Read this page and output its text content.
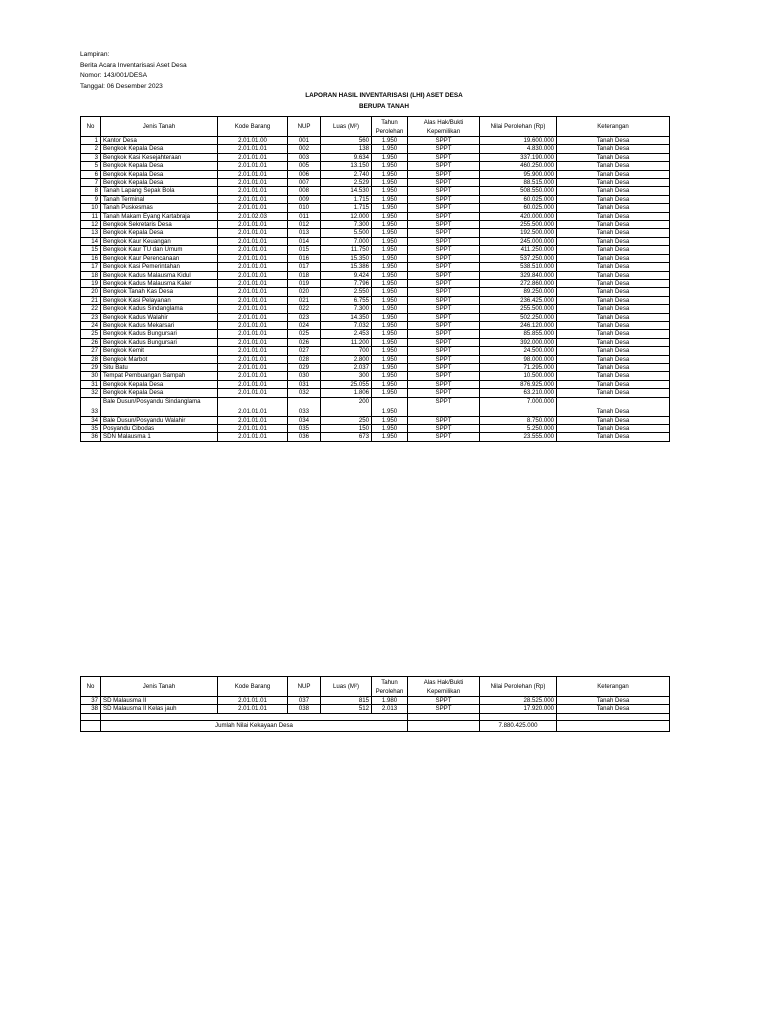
Lampiran:
Berita Acara Inventarisasi Aset Desa
Nomor: 143/001/DESA
Tanggal: 06 Desember 2023
LAPORAN HASIL INVENTARISASI (LHI) ASET DESA
BERUPA TANAH
No	Jenis Tanah	Kode Barang	NUP	Luas (M²)	Tahun Perolehan	Alas Hak/Bukti Kepemilikan	Nilai Perolehan (Rp)	Keterangan
1	Kantor Desa	2.01.01.00	001	560	1.950	SPPT	19.600.000	Tanah Desa
2	Bengkok Kepala Desa	2.01.01.01	002	138	1.950	SPPT	4.830.000	Tanah Desa
3	Bengkok Kasi Kesejahteraan	2.01.01.01	003	9.634	1.950	SPPT	337.190.000	Tanah Desa
5	Bengkok Kepala Desa	2.01.01.01	005	13.150	1.950	SPPT	460.250.000	Tanah Desa
6	Bengkok Kepala Desa	2.01.01.01	006	2.740	1.950	SPPT	95.900.000	Tanah Desa
7	Bengkok Kepala Desa	2.01.01.01	007	2.529	1.950	SPPT	88.515.000	Tanah Desa
8	Tanah Lapang Sepak Bola	2.01.01.01	008	14.530	1.950	SPPT	508.550.000	Tanah Desa
9	Tanah Terminal	2.01.01.01	009	1.715	1.950	SPPT	60.025.000	Tanah Desa
10	Tanah Puskesmas	2.01.01.01	010	1.715	1.950	SPPT	60.025.000	Tanah Desa
11	Tanah Makam Eyang Kartabraja	2.01.02.03	011	12.000	1.950	SPPT	420.000.000	Tanah Desa
12	Bengkok Sekretaris Desa	2.01.01.01	012	7.300	1.950	SPPT	255.500.000	Tanah Desa
13	Bengkok Kepala Desa	2.01.01.01	013	5.500	1.950	SPPT	192.500.000	Tanah Desa
14	Bengkok Kaur Keuangan	2.01.01.01	014	7.000	1.950	SPPT	245.000.000	Tanah Desa
15	Bengkok Kaur TU dan Umum	2.01.01.01	015	11.750	1.950	SPPT	411.250.000	Tanah Desa
16	Bengkok Kaur Perencanaan	2.01.01.01	016	15.350	1.950	SPPT	537.250.000	Tanah Desa
17	Bengkok Kasi Pemerintahan	2.01.01.01	017	15.386	1.950	SPPT	538.510.000	Tanah Desa
18	Bengkok Kadus Malausma Kidul	2.01.01.01	018	9.424	1.950	SPPT	329.840.000	Tanah Desa
19	Bengkok Kadus Malausma Kaler	2.01.01.01	019	7.796	1.950	SPPT	272.860.000	Tanah Desa
20	Bengkok Tanah Kas Desa	2.01.01.01	020	2.550	1.950	SPPT	89.250.000	Tanah Desa
21	Bengkok Kasi Pelayanan	2.01.01.01	021	6.755	1.950	SPPT	236.425.000	Tanah Desa
22	Bengkok Kadus Sindanglama	2.01.01.01	022	7.300	1.950	SPPT	255.500.000	Tanah Desa
23	Bengkok Kadus Walahir	2.01.01.01	023	14.350	1.950	SPPT	502.250.000	Tanah Desa
24	Bengkok Kadus Mekarsari	2.01.01.01	024	7.032	1.950	SPPT	246.120.000	Tanah Desa
25	Bengkok Kadus Bungursari	2.01.01.01	025	2.453	1.950	SPPT	85.855.000	Tanah Desa
26	Bengkok Kadus Bungursari	2.01.01.01	026	11.200	1.950	SPPT	392.000.000	Tanah Desa
27	Bengkok Kemit	2.01.01.01	027	700	1.950	SPPT	24.500.000	Tanah Desa
28	Bengkok Marbot	2.01.01.01	028	2.800	1.950	SPPT	98.000.000	Tanah Desa
29	Situ Batu	2.01.01.01	029	2.037	1.950	SPPT	71.295.000	Tanah Desa
30	Tempat Pembuangan Sampah	2.01.01.01	030	300	1.950	SPPT	10.500.000	Tanah Desa
31	Bengkok Kepala Desa	2.01.01.01	031	25.055	1.950	SPPT	876.925.000	Tanah Desa
32	Bengkok Kepala Desa	2.01.01.01	032	1.806	1.950	SPPT	63.210.000	Tanah Desa
33	Bale Dusun/Posyandu Sindanglama	2.01.01.01	033	200	1.950	SPPT	7.000.000	Tanah Desa
34	Bale Dusun/Posyandu Walahir	2.01.01.01	034	250	1.950	SPPT	8.750.000	Tanah Desa
35	Posyandu Cibodas	2.01.01.01	035	150	1.950	SPPT	5.250.000	Tanah Desa
36	SDN Malausma 1	2.01.01.01	036	673	1.950	SPPT	23.555.000	Tanah Desa
No	Jenis Tanah	Kode Barang	NUP	Luas (M²)	Tahun Perolehan	Alas Hak/Bukti Kepemilikan	Nilai Perolehan (Rp)	Keterangan
37	SD Malausma II	2.01.01.01	037	815	1.980	SPPT	28.525.000	Tanah Desa
38	SD Malausma II Kelas jauh	2.01.01.01	038	512	2.013	SPPT	17.920.000	Tanah Desa

	Jumlah Nilai Kekayaan Desa						7.880.425.000	
